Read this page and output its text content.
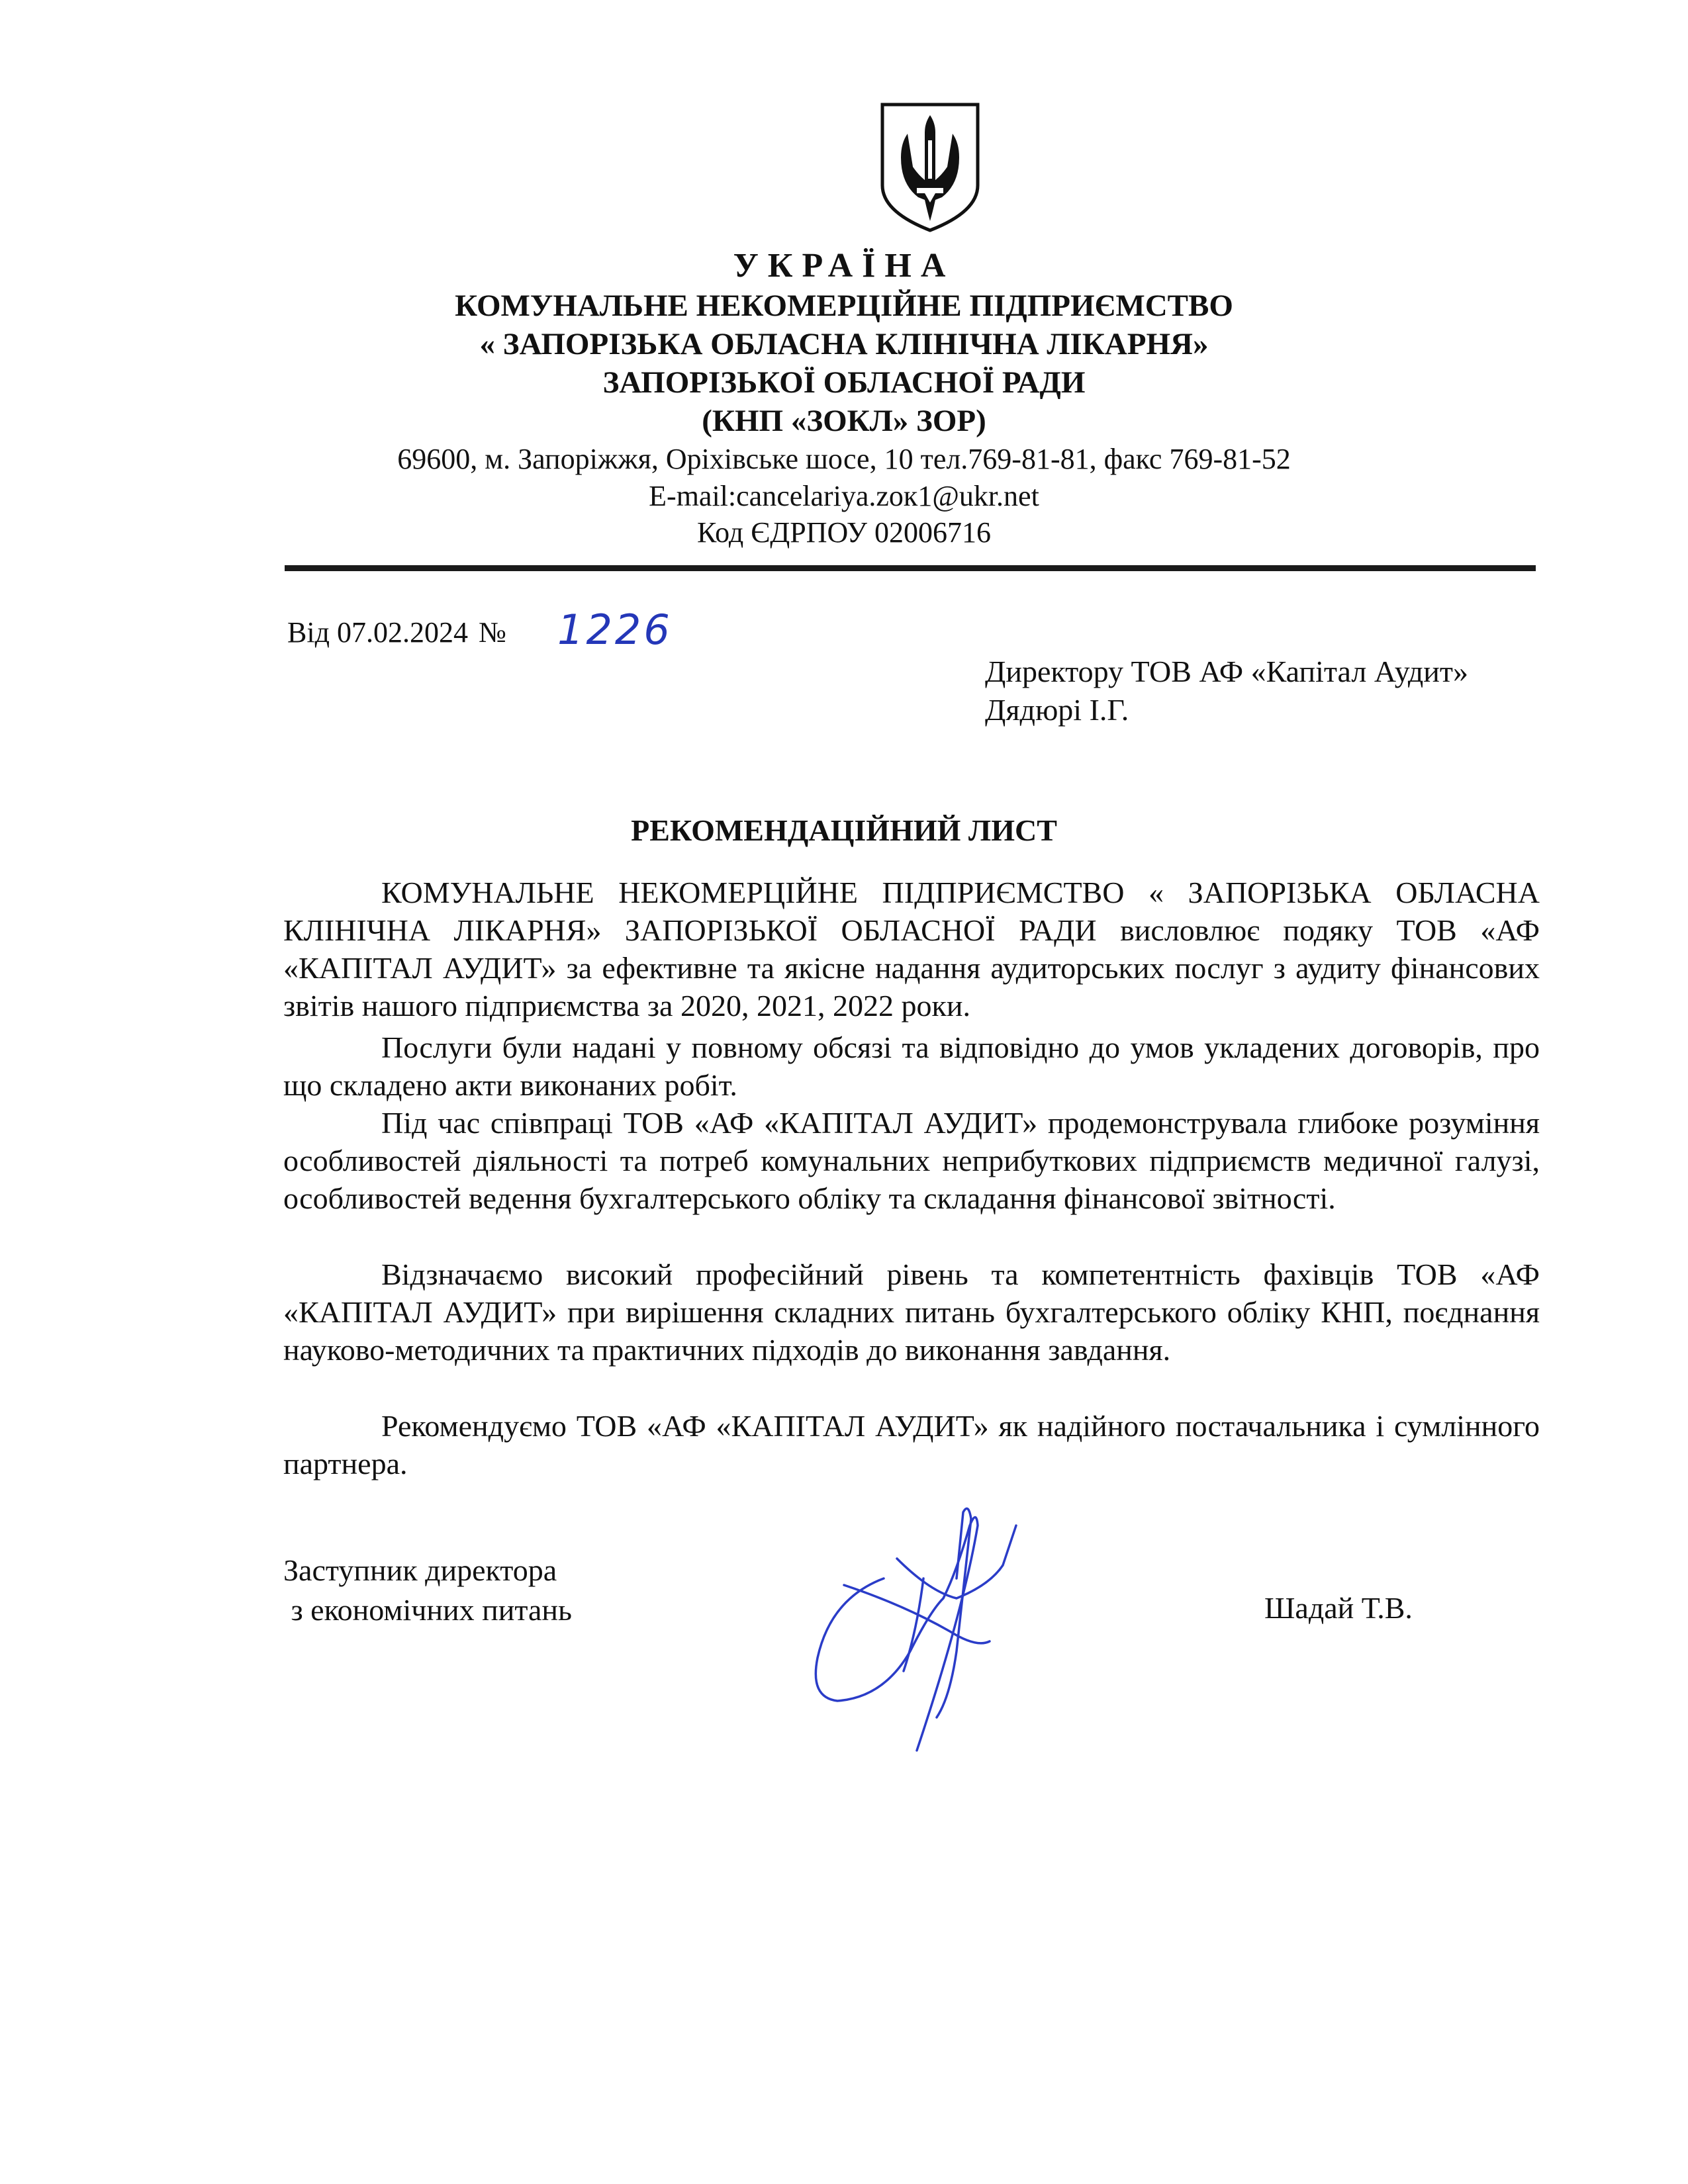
УКРАЇНА
КОМУНАЛЬНЕ НЕКОМЕРЦІЙНЕ ПІДПРИЄМСТВО
« ЗАПОРІЗЬКА ОБЛАСНА КЛІНІЧНА ЛІКАРНЯ»
ЗАПОРІЗЬКОЇ ОБЛАСНОЇ РАДИ
(КНП «ЗОКЛ» ЗОР)
69600, м. Запоріжжя, Оріхівське шосе, 10 тел.769-81-81, факс 769-81-52
E-mail:cancelariya.zок1@ukr.net
Код ЄДРПОУ 02006716
Від 07.02.2024 № 1226
Директору ТОВ АФ «Капітал Аудит»
Дядюрі І.Г.
РЕКОМЕНДАЦІЙНИЙ ЛИСТ

КОМУНАЛЬНЕ НЕКОМЕРЦІЙНЕ ПІДПРИЄМСТВО « ЗАПОРІЗЬКА ОБЛАСНА КЛІНІЧНА ЛІКАРНЯ» ЗАПОРІЗЬКОЇ ОБЛАСНОЇ РАДИ висловлює подяку ТОВ «АФ «КАПІТАЛ АУДИТ» за ефективне та якісне надання аудиторських послуг з аудиту фінансових звітів нашого підприємства за 2020, 2021, 2022 роки.

Послуги були надані у повному обсязі та відповідно до умов укладених договорів, про що складено акти виконаних робіт.

Під час співпраці ТОВ «АФ «КАПІТАЛ АУДИТ» продемонструвала глибоке розуміння особливостей діяльності та потреб комунальних неприбуткових підприємств медичної галузі, особливостей ведення бухгалтерського обліку та складання фінансової звітності.

Відзначаємо високий професійний рівень та компетентність фахівців ТОВ «АФ «КАПІТАЛ АУДИТ» при вирішення складних питань бухгалтерського обліку КНП, поєднання науково-методичних та практичних підходів до виконання завдання.

Рекомендуємо ТОВ «АФ «КАПІТАЛ АУДИТ» як надійного постачальника і сумлінного партнера.

Заступник директора
з економічних питань	Шадай Т.В.
